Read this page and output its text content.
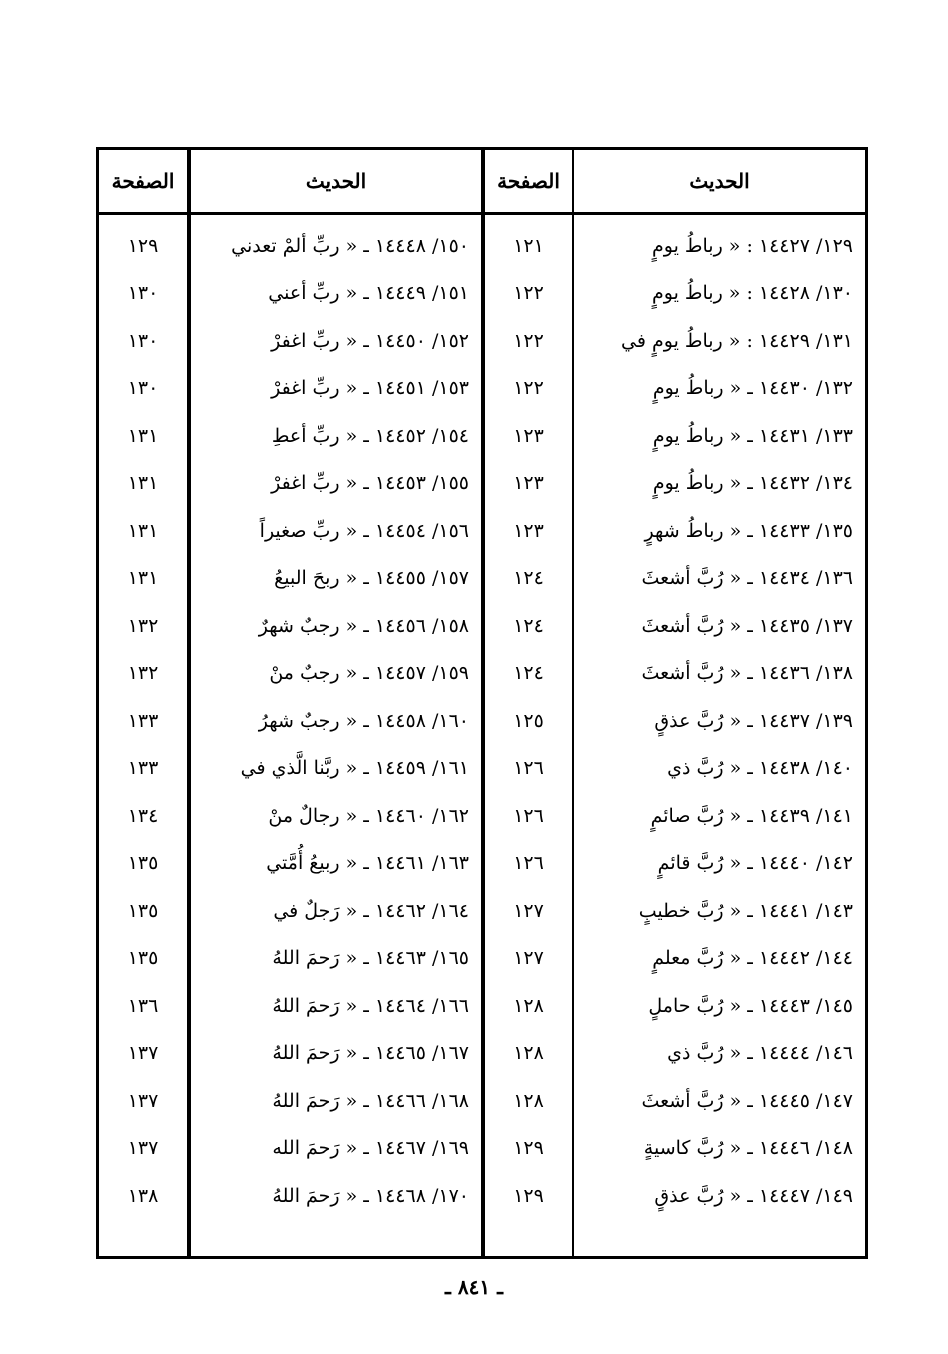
الحديث
١٢٩/ ١٤٤٢٧ : « رباطُ يومٍ
١٣٠/ ١٤٤٢٨ : « رباطُ يومٍ
١٣١/ ١٤٤٢٩ : « رباطُ يومٍ في
١٣٢/ ١٤٤٣٠ ـ « رباطُ يومٍ
١٣٣/ ١٤٤٣١ ـ « رباطُ يومٍ
١٣٤/ ١٤٤٣٢ ـ « رباطُ يومٍ
١٣٥/ ١٤٤٣٣ ـ « رباطُ شهرٍ
١٣٦/ ١٤٤٣٤ ـ « رُبَّ أشعثَ
١٣٧/ ١٤٤٣٥ ـ « رُبَّ أشعثَ
١٣٨/ ١٤٤٣٦ ـ « رُبَّ أشعثَ
١٣٩/ ١٤٤٣٧ ـ « رُبَّ عذقٍ
١٤٠/ ١٤٤٣٨ ـ « رُبَّ ذي
١٤١/ ١٤٤٣٩ ـ « رُبَّ صائمٍ
١٤٢/ ١٤٤٤٠ ـ « رُبَّ قائمٍ
١٤٣/ ١٤٤٤١ ـ « رُبَّ خطيبٍ
١٤٤/ ١٤٤٤٢ ـ « رُبَّ معلمٍ
١٤٥/ ١٤٤٤٣ ـ « رُبَّ حاملٍ
١٤٦/ ١٤٤٤٤ ـ « رُبَّ ذي
١٤٧/ ١٤٤٤٥ ـ « رُبَّ أشعثَ
١٤٨/ ١٤٤٤٦ ـ « رُبَّ كاسيةٍ
١٤٩/ ١٤٤٤٧ ـ « رُبَّ عذقٍ
الصفحة
١٢١
١٢٢
١٢٢
١٢٢
١٢٣
١٢٣
١٢٣
١٢٤
١٢٤
١٢٤
١٢٥
١٢٦
١٢٦
١٢٦
١٢٧
١٢٧
١٢٨
١٢٨
١٢٨
١٢٩
١٢٩
الحديث
١٥٠/ ١٤٤٤٨ ـ « ربِّ ألمْ تعدني
١٥١/ ١٤٤٤٩ ـ « ربِّ أعني
١٥٢/ ١٤٤٥٠ ـ « ربِّ اغفرْ
١٥٣/ ١٤٤٥١ ـ « ربِّ اغفرْ
١٥٤/ ١٤٤٥٢ ـ « ربِّ أعطِ
١٥٥/ ١٤٤٥٣ ـ « ربِّ اغفرْ
١٥٦/ ١٤٤٥٤ ـ « ربِّ صغيراً
١٥٧/ ١٤٤٥٥ ـ « ربحَ البيعُ
١٥٨/ ١٤٤٥٦ ـ « رجبٌ شهرٌ
١٥٩/ ١٤٤٥٧ ـ « رجبٌ منْ
١٦٠/ ١٤٤٥٨ ـ « رجبٌ شهرُ
١٦١/ ١٤٤٥٩ ـ « ربَّنا الَّذي في
١٦٢/ ١٤٤٦٠ ـ « رجالٌ منْ
١٦٣/ ١٤٤٦١ ـ « ربيعُ أُمَّتي
١٦٤/ ١٤٤٦٢ ـ « رَجلٌ في
١٦٥/ ١٤٤٦٣ ـ « رَحمَ اللهُ
١٦٦/ ١٤٤٦٤ ـ « رَحمَ اللهُ
١٦٧/ ١٤٤٦٥ ـ « رَحمَ اللهُ
١٦٨/ ١٤٤٦٦ ـ « رَحمَ اللهُ
١٦٩/ ١٤٤٦٧ ـ « رَحمَ الله
١٧٠/ ١٤٤٦٨ ـ « رَحمَ اللهُ
الصفحة
١٢٩
١٣٠
١٣٠
١٣٠
١٣١
١٣١
١٣١
١٣١
١٣٢
١٣٢
١٣٣
١٣٣
١٣٤
١٣٥
١٣٥
١٣٥
١٣٦
١٣٧
١٣٧
١٣٧
١٣٨
ـ ٨٤١ ـ
